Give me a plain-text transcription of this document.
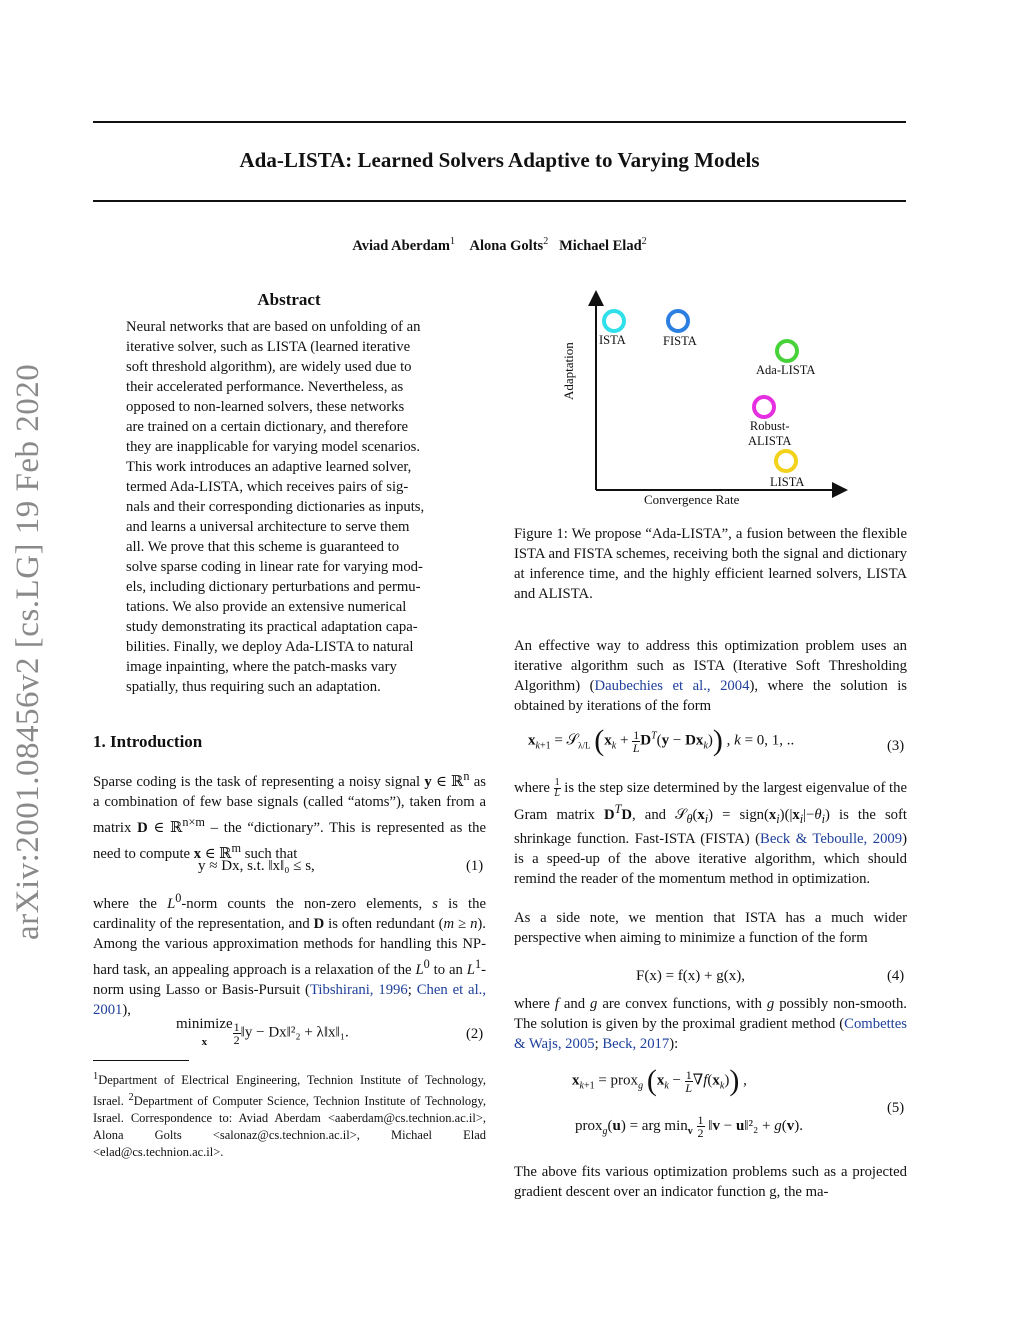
arXiv:2001.08456v2 [cs.LG] 19 Feb 2020
Ada-LISTA: Learned Solvers Adaptive to Varying Models
Aviad Aberdam$^1$ Alona Golts$^2$ Michael Elad$^2$
Abstract
Neural networks that are based on unfolding of an
iterative solver, such as LISTA (learned iterative
soft threshold algorithm), are widely used due to
their accelerated performance. Nevertheless, as
opposed to non-learned solvers, these networks
are trained on a certain dictionary, and therefore
they are inapplicable for varying model scenarios.
This work introduces an adaptive learned solver,
termed Ada-LISTA, which receives pairs of sig-
nals and their corresponding dictionaries as inputs,
and learns a universal architecture to serve them
all. We prove that this scheme is guaranteed to
solve sparse coding in linear rate for varying mod-
els, including dictionary perturbations and permu-
tations. We also provide an extensive numerical
study demonstrating its practical adaptation capa-
bilities. Finally, we deploy Ada-LISTA to natural
image inpainting, where the patch-masks vary
spatially, thus requiring such an adaptation.
1. Introduction
Sparse coding is the task of representing a noisy signal y ∈ ℝ$^n$ as a combination of few base signals (called “atoms”), taken from a matrix D ∈ ℝ$^{n\times m}$ – the “dictionary”. This is represented as the need to compute x ∈ ℝ$^m$ such that
y ≈ Dx, s.t. ‖x‖₀ ≤ s,	(1)
where the $L^0$-norm counts the non-zero elements, s is the cardinality of the representation, and D is often redundant (m ≥ n). Among the various approximation methods for handling this NP-hard task, an appealing approach is a relaxation of the $L^0$ to an $L^1$-norm using Lasso or Basis-Pursuit (Tibshirani, 1996; Chen et al., 2001),
minimize
x $\frac{1}{2}$ ‖y − Dx‖²₂ + λ‖x‖₁.	(2)
$^1$Department of Electrical Engineering, Technion Institute of Technology, Israel. $^2$Department of Computer Science, Technion Institute of Technology, Israel. Correspondence to: Aviad Aberdam <aaberdam@cs.technion.ac.il>, Alona Golts <salonaz@cs.technion.ac.il>, Michael Elad <elad@cs.technion.ac.il>.
Adaptation
Convergence Rate
ISTA	FISTA
Ada-LISTA
Robust-
ALISTA
LISTA
Figure 1: We propose “Ada-LISTA”, a fusion between the flexible ISTA and FISTA schemes, receiving both the signal and dictionary at inference time, and the highly efficient learned solvers, LISTA and ALISTA.
An effective way to address this optimization problem uses an iterative algorithm such as ISTA (Iterative Soft Thresholding Algorithm) (Daubechies et al., 2004), where the solution is obtained by iterations of the form
$x_{k+1}$ = 𝒮$_{\lambda/L}$ $(x_k + \frac{1}{L} D^T(y - Dx_k))$ , k = 0, 1, ..	(3)
where $\frac{1}{L}$ is the step size determined by the largest eigenvalue of the Gram matrix $D^TD$, and $𝒮_\theta(x_i)$ = $sign(x_i)(|x_i|-\theta_i)$ is the soft shrinkage function. Fast-ISTA (FISTA) (Beck & Teboulle, 2009) is a speed-up of the above iterative algorithm, which should remind the reader of the momentum method in optimization.
As a side note, we mention that ISTA has a much wider perspective when aiming to minimize a function of the form
F(x) = f(x) + g(x),	(4)
where f and g are convex functions, with g possibly non-smooth. The solution is given by the proximal gradient method (Combettes & Wajs, 2005; Beck, 2017):
$x_{k+1}$ = prox$_g$ $(x_k - \frac{1}{L} \nabla f(x_k))$ ,
(5)
prox$_g$(u) = arg $\min_v \frac{1}{2}$ ‖v − u‖²₂ + g(v).
The above fits various optimization problems such as a projected gradient descent over an indicator function g, the ma-
